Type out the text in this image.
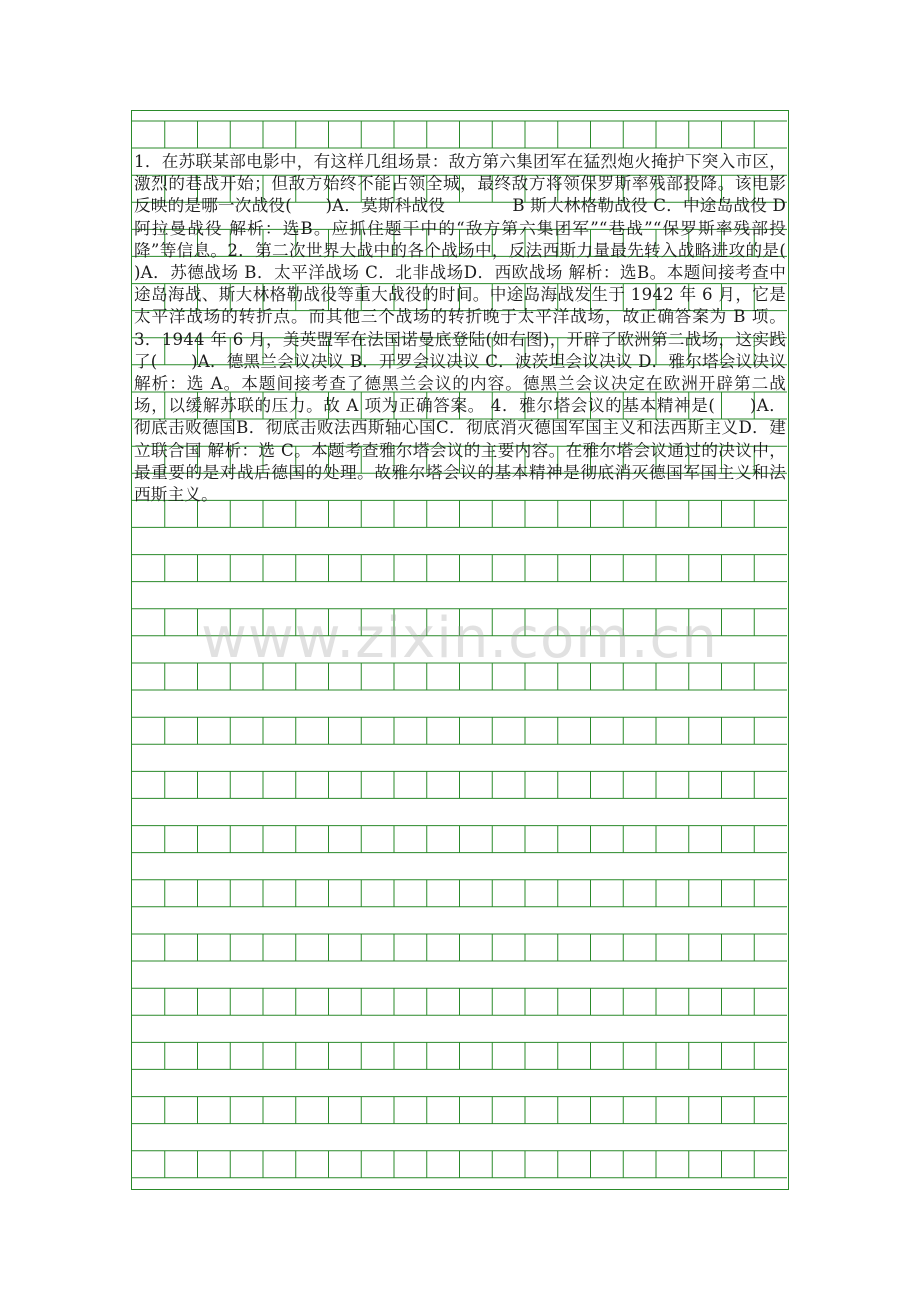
www.zixin.com.cn

1．在苏联某部电影中，有这样几组场景：敌方第六集团军在猛烈炮火掩护下突入市区，激烈的巷战开始；但敌方始终不能占领全城，最终敌方将领保罗斯率残部投降。该电影反映的是哪一次战役(　　)A．莫斯科战役　　　　B 斯大林格勒战役 C．中途岛战役 D 阿拉曼战役 解析：选B。应抓住题干中的“敌方第六集团军”“巷战”“保罗斯率残部投降”等信息。2．第二次世界大战中的各个战场中，反法西斯力量最先转入战略进攻的是(　　)A．苏德战场 B．太平洋战场 C．北非战场D．西欧战场 解析：选B。本题间接考查中途岛海战、斯大林格勒战役等重大战役的时间。中途岛海战发生于 1942 年 6 月，它是太平洋战场的转折点。而其他三个战场的转折晚于太平洋战场，故正确答案为 B 项。 3．1944 年 6 月，美英盟军在法国诺曼底登陆(如右图)，开辟了欧洲第二战场，这实践了(　　)A．德黑兰会议决议 B．开罗会议决议 C．波茨坦会议决议 D．雅尔塔会议决议 解析：选 A。本题间接考查了德黑兰会议的内容。德黑兰会议决定在欧洲开辟第二战场，以缓解苏联的压力。故 A 项为正确答案。 4．雅尔塔会议的基本精神是(　　)A．彻底击败德国B．彻底击败法西斯轴心国C．彻底消灭德国军国主义和法西斯主义D．建立联合国 解析：选 C。本题考查雅尔塔会议的主要内容。在雅尔塔会议通过的决议中，最重要的是对战后德国的处理。故雅尔塔会议的基本精神是彻底消灭德国军国主义和法西斯主义。
